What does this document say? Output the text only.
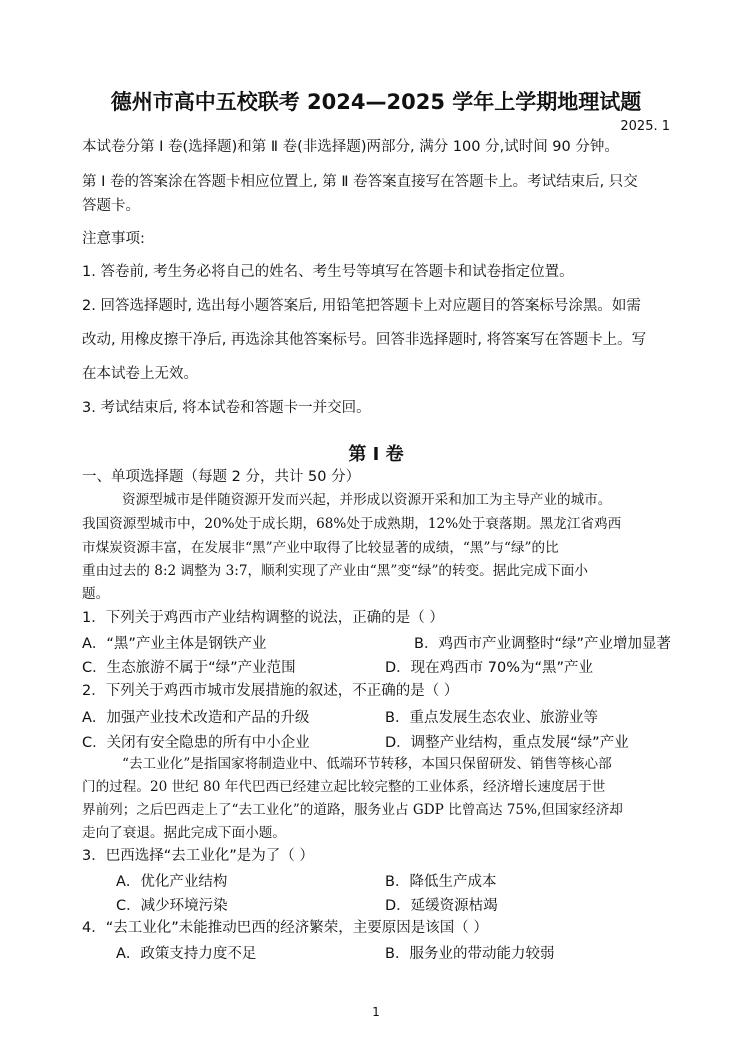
德州市高中五校联考 2024—2025 学年上学期地理试题
2025. 1
本试卷分第 Ⅰ 卷(选择题)和第 Ⅱ 卷(非选择题)两部分, 满分 100 分,试时间 90 分钟。
第 Ⅰ 卷的答案涂在答题卡相应位置上, 第 Ⅱ 卷答案直接写在答题卡上。考试结束后, 只交
答题卡。
注意事项:
1. 答卷前, 考生务必将自己的姓名、考生号等填写在答题卡和试卷指定位置。
2. 回答选择题时, 选出每小题答案后, 用铅笔把答题卡上对应题目的答案标号涂黑。如需
改动, 用橡皮擦干净后, 再选涂其他答案标号。回答非选择题时, 将答案写在答题卡上。写
在本试卷上无效。
3. 考试结束后, 将本试卷和答题卡一并交回。
第 Ⅰ 卷
一、单项选择题（每题 2 分，共计 50 分）
资源型城市是伴随资源开发而兴起，并形成以资源开采和加工为主导产业的城市。
我国资源型城市中，20%处于成长期，68%处于成熟期，12%处于衰落期。黑龙江省鸡西
市煤炭资源丰富，在发展非“黑”产业中取得了比较显著的成绩，“黑”与“绿”的比
重由过去的 8:2 调整为 3:7，顺利实现了产业由“黑”变“绿”的转变。据此完成下面小
题。
1．下列关于鸡西市产业结构调整的说法，正确的是（ ）
A．“黑”产业主体是钢铁产业	B．鸡西市产业调整时“绿”产业增加显著
C．生态旅游不属于“绿”产业范围	D．现在鸡西市 70%为“黑”产业
2．下列关于鸡西市城市发展措施的叙述，不正确的是（ ）
A．加强产业技术改造和产品的升级	B．重点发展生态农业、旅游业等
C．关闭有安全隐患的所有中小企业	D．调整产业结构，重点发展“绿”产业
“去工业化”是指国家将制造业中、低端环节转移，本国只保留研发、销售等核心部
门的过程。20 世纪 80 年代巴西已经建立起比较完整的工业体系，经济增长速度居于世
界前列；之后巴西走上了“去工业化”的道路，服务业占 GDP 比曾高达 75%,但国家经济却
走向了衰退。据此完成下面小题。
3．巴西选择“去工业化”是为了（ ）
A．优化产业结构	B．降低生产成本
C．减少环境污染	D．延缓资源枯竭
4．“去工业化”未能推动巴西的经济繁荣，主要原因是该国（ ）
A．政策支持力度不足	B．服务业的带动能力较弱
1
